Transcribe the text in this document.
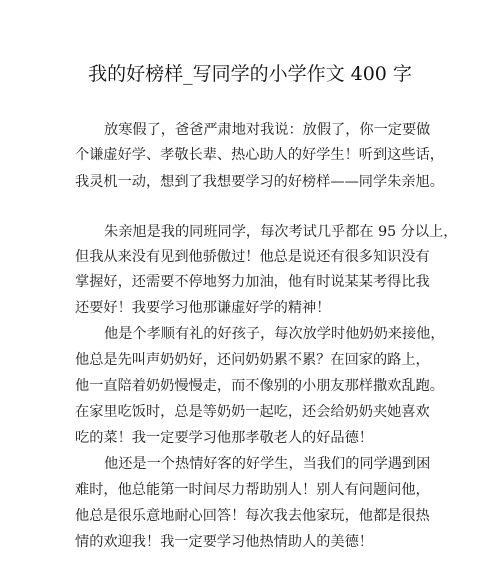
我的好榜样_写同学的小学作文 400 字
放寒假了，爸爸严肃地对我说：放假了，你一定要做
个谦虚好学、孝敬长辈、热心助人的好学生！听到这些话，
我灵机一动，想到了我想要学习的好榜样——同学朱亲旭。
朱亲旭是我的同班同学，每次考试几乎都在 95 分以上，
但我从来没有见到他骄傲过！他总是说还有很多知识没有
掌握好，还需要不停地努力加油，他有时说某某考得比我
还要好！我要学习他那谦虚好学的精神！
他是个孝顺有礼的好孩子，每次放学时他奶奶来接他，
他总是先叫声奶奶好，还问奶奶累不累？在回家的路上，
他一直陪着奶奶慢慢走，而不像别的小朋友那样撒欢乱跑。
在家里吃饭时，总是等奶奶一起吃，还会给奶奶夹她喜欢
吃的菜！我一定要学习他那孝敬老人的好品德！
他还是一个热情好客的好学生，当我们的同学遇到困
难时，他总能第一时间尽力帮助别人！别人有问题问他，
他总是很乐意地耐心回答！每次我去他家玩，他都是很热
情的欢迎我！我一定要学习他热情助人的美德！
